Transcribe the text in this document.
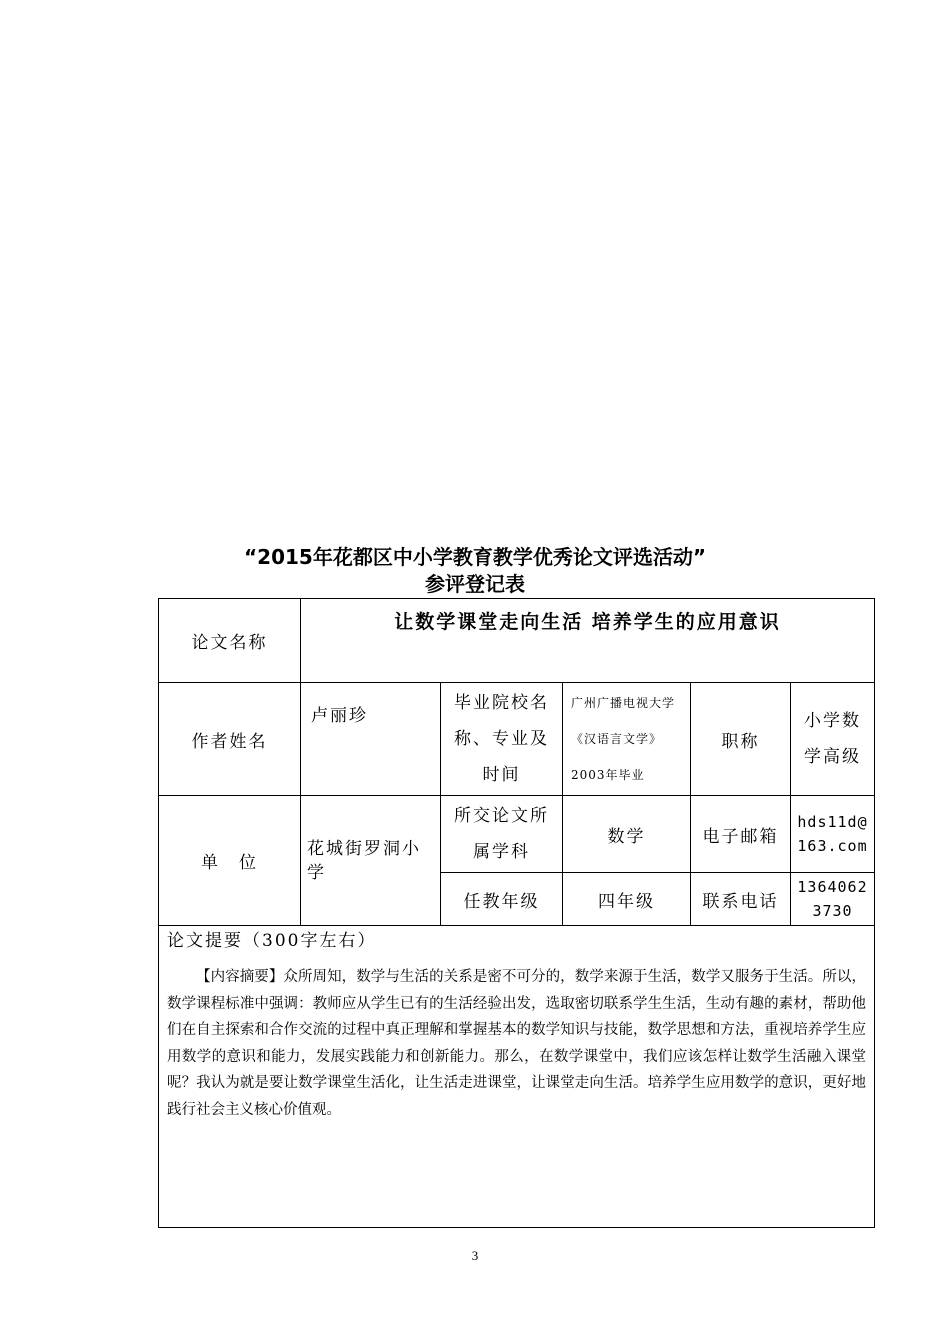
“2015年花都区中小学教育教学优秀论文评选活动”
参评登记表
论文名称	让数学课堂走向生活 培养学生的应用意识				

作者姓名	卢丽珍	毕业院校名称、专业及时间	广州广播电视大学《汉语言文学》2003年毕业	职称	小学数学高级

单　位	花城街罗洞小学	所交论文所属学科	数学	电子邮箱	hds11d@163.com

		任教年级	四年级	联系电话	13640623730

论文提要（300字左右）
【内容摘要】众所周知，数学与生活的关系是密不可分的，数学来源于生活，数学又服务于生活。所以，数学课程标准中强调：教师应从学生已有的生活经验出发，选取密切联系学生生活，生动有趣的素材，帮助他们在自主探索和合作交流的过程中真正理解和掌握基本的数学知识与技能，数学思想和方法，重视培养学生应用数学的意识和能力，发展实践能力和创新能力。那么，在数学课堂中，我们应该怎样让数学生活融入课堂呢？我认为就是要让数学课堂生活化，让生活走进课堂，让课堂走向生活。培养学生应用数学的意识，更好地践行社会主义核心价值观。					
3
